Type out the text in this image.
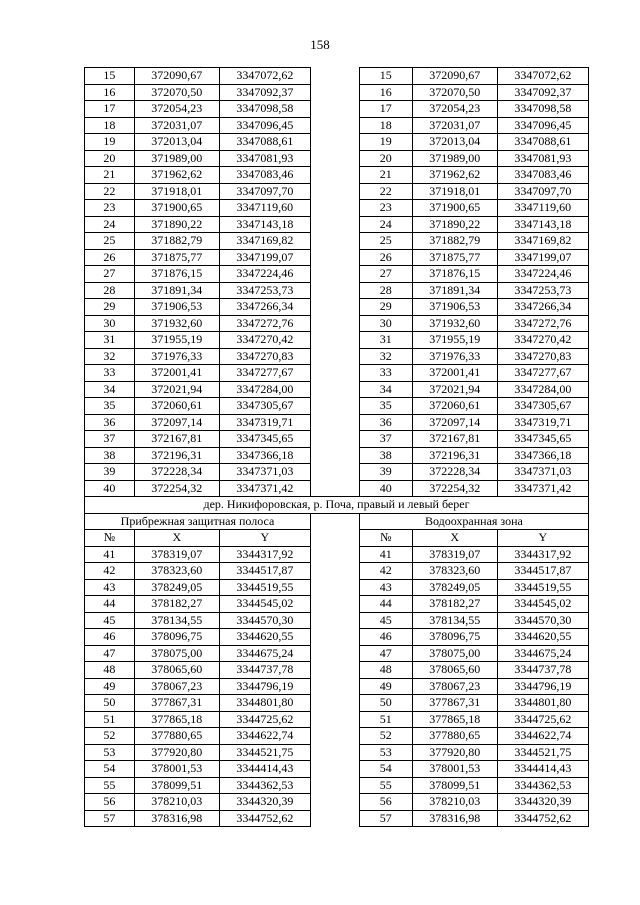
158
15	372090,67	3347072,62		15	372090,67	3347072,62
16	372070,50	3347092,37		16	372070,50	3347092,37
17	372054,23	3347098,58		17	372054,23	3347098,58
18	372031,07	3347096,45		18	372031,07	3347096,45
19	372013,04	3347088,61		19	372013,04	3347088,61
20	371989,00	3347081,93		20	371989,00	3347081,93
21	371962,62	3347083,46		21	371962,62	3347083,46
22	371918,01	3347097,70		22	371918,01	3347097,70
23	371900,65	3347119,60		23	371900,65	3347119,60
24	371890,22	3347143,18		24	371890,22	3347143,18
25	371882,79	3347169,82		25	371882,79	3347169,82
26	371875,77	3347199,07		26	371875,77	3347199,07
27	371876,15	3347224,46		27	371876,15	3347224,46
28	371891,34	3347253,73		28	371891,34	3347253,73
29	371906,53	3347266,34		29	371906,53	3347266,34
30	371932,60	3347272,76		30	371932,60	3347272,76
31	371955,19	3347270,42		31	371955,19	3347270,42
32	371976,33	3347270,83		32	371976,33	3347270,83
33	372001,41	3347277,67		33	372001,41	3347277,67
34	372021,94	3347284,00		34	372021,94	3347284,00
35	372060,61	3347305,67		35	372060,61	3347305,67
36	372097,14	3347319,71		36	372097,14	3347319,71
37	372167,81	3347345,65		37	372167,81	3347345,65
38	372196,31	3347366,18		38	372196,31	3347366,18
39	372228,34	3347371,03		39	372228,34	3347371,03
40	372254,32	3347371,42		40	372254,32	3347371,42
дер. Никифоровская, р. Поча, правый и левый берег						
Прибрежная защитная полоса				Водоохранная зона		
№	X	Y		№	X	Y
41	378319,07	3344317,92		41	378319,07	3344317,92
42	378323,60	3344517,87		42	378323,60	3344517,87
43	378249,05	3344519,55		43	378249,05	3344519,55
44	378182,27	3344545,02		44	378182,27	3344545,02
45	378134,55	3344570,30		45	378134,55	3344570,30
46	378096,75	3344620,55		46	378096,75	3344620,55
47	378075,00	3344675,24		47	378075,00	3344675,24
48	378065,60	3344737,78		48	378065,60	3344737,78
49	378067,23	3344796,19		49	378067,23	3344796,19
50	377867,31	3344801,80		50	377867,31	3344801,80
51	377865,18	3344725,62		51	377865,18	3344725,62
52	377880,65	3344622,74		52	377880,65	3344622,74
53	377920,80	3344521,75		53	377920,80	3344521,75
54	378001,53	3344414,43		54	378001,53	3344414,43
55	378099,51	3344362,53		55	378099,51	3344362,53
56	378210,03	3344320,39		56	378210,03	3344320,39
57	378316,98	3344752,62		57	378316,98	3344752,62
